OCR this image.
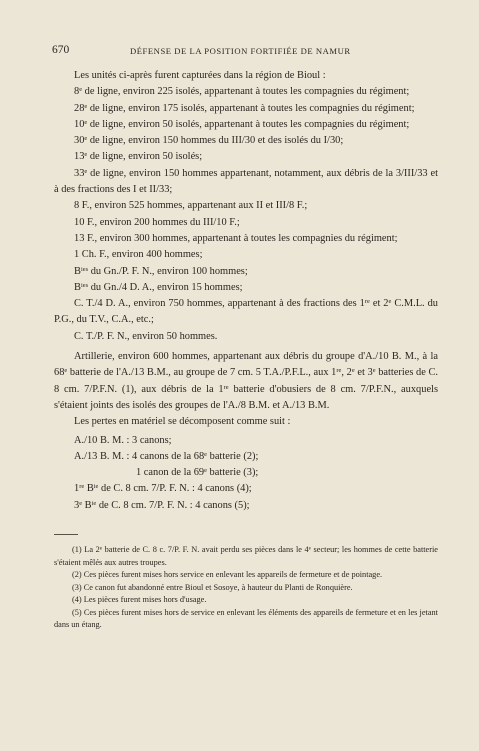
670	DÉFENSE DE LA POSITION FORTIFIÉE DE NAMUR

Les unités ci-après furent capturées dans la région de Bioul :

8e de ligne, environ 225 isolés, appartenant à toutes les compagnies du régiment;

28e de ligne, environ 175 isolés, appartenant à toutes les compagnies du régiment;

10e de ligne, environ 50 isolés, appartenant à toutes les compagnies du régiment;

30e de ligne, environ 150 hommes du III/30 et des isolés du I/30;

13e de ligne, environ 50 isolés;

33e de ligne, environ 150 hommes appartenant, notamment, aux débris de la 3/III/33 et à des fractions des I et II/33;

8 F., environ 525 hommes, appartenant aux II et III/8 F.;

10 F., environ 200 hommes du III/10 F.;

13 F., environ 300 hommes, appartenant à toutes les compagnies du régiment;

1 Ch. F., environ 400 hommes;

$B^{ies}$ du Gn./P. F. N., environ 100 hommes;

$B^{ies}$ du Gn./4 D. A., environ 15 hommes;

C. T./4 D. A., environ 750 hommes, appartenant à des fractions des 1re et 2e C.M.L. du P.G., du T.V., C.A., etc.;

C. T./P. F. N., environ 50 hommes.

Artillerie, environ 600 hommes, appartenant aux débris du groupe d'A./10 B. M., à la 68e batterie de l'A./13 B.M., au groupe de 7 cm. 5 T.A./P.F.L., aux 1re, 2e et 3e batteries de C. 8 cm. 7/P.F.N. (1), aux débris de la 1re batterie d'obusiers de 8 cm. 7/P.F.N., auxquels s'étaient joints des isolés des groupes de l'A./8 B.M. et A./13 B.M.

Les pertes en matériel se décomposent comme suit :

A./10 B. M. : 3 canons;
A./13 B. M. : 4 canons de la 68e batterie (2);
1 canon de la 69e batterie (3);
1re $B^{ie}$ de C. 8 cm. 7/P. F. N. : 4 canons (4);
3e $B^{ie}$ de C. 8 cm. 7/P. F. N. : 4 canons (5);

(1) La 2e batterie de C. 8 c. 7/P. F. N. avait perdu ses pièces dans le 4e secteur; les hommes de cette batterie s'étaient mêlés aux autres troupes.

(2) Ces pièces furent mises hors service en enlevant les appareils de fermeture et de pointage.

(3) Ce canon fut abandonné entre Bioul et Sosoye, à hauteur du Planti de Ronquière.

(4) Les pièces furent mises hors d'usage.

(5) Ces pièces furent mises hors de service en enlevant les éléments des appareils de fermeture et en les jetant dans un étang.
